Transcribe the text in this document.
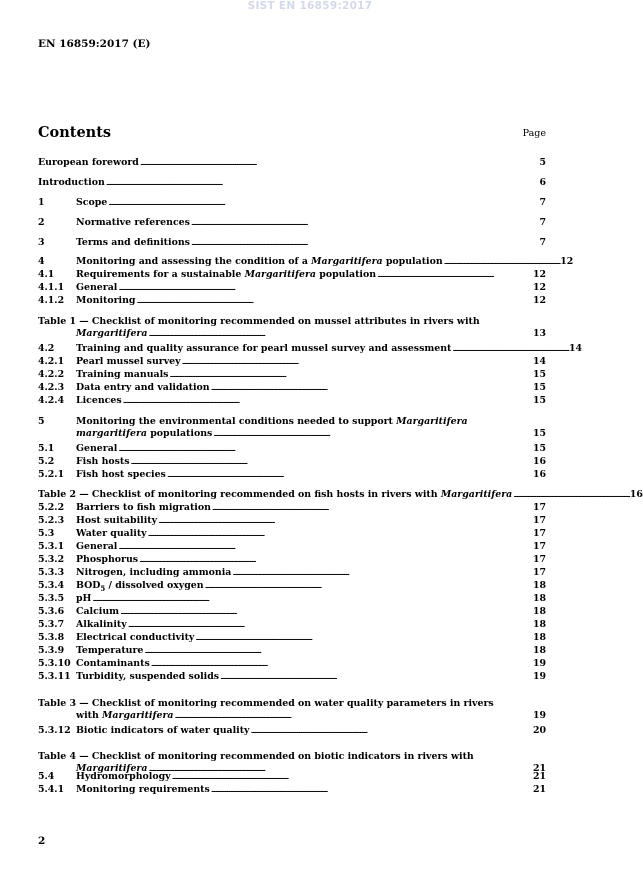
SIST EN 16859:2017
EN 16859:2017 (E)
Contents	Page
European foreword . . .	5
Introduction . . .	6
1	Scope . . .	7
2	Normative references . . .	7
3	Terms and definitions . . .	7
4	Monitoring and assessing the condition of a Margaritifera population . . .	12
4.1	Requirements for a sustainable Margaritifera population . . .	12
4.1.1	General . . .	12
4.1.2	Monitoring . . .	12
Table 1 — Checklist of monitoring recommended on mussel attributes in rivers with
Margaritifera . . .	13
4.2	Training and quality assurance for pearl mussel survey and assessment . . .	14
4.2.1	Pearl mussel survey . . .	14
4.2.2	Training manuals . . .	15
4.2.3	Data entry and validation . . .	15
4.2.4	Licences . . .	15
5	Monitoring the environmental conditions needed to support Margaritifera
margaritifera populations . . .	15
5.1	General . . .	15
5.2	Fish hosts . . .	16
5.2.1	Fish host species . . .	16
Table 2 — Checklist of monitoring recommended on fish hosts in rivers with Margaritifera . . .	16
5.2.2	Barriers to fish migration . . .	17
5.2.3	Host suitability . . .	17
5.3	Water quality . . .	17
5.3.1	General . . .	17
5.3.2	Phosphorus . . .	17
5.3.3	Nitrogen, including ammonia . . .	17
5.3.4	$BOD_5$ / dissolved oxygen . . .	18
5.3.5	pH . . .	18
5.3.6	Calcium . . .	18
5.3.7	Alkalinity . . .	18
5.3.8	Electrical conductivity . . .	18
5.3.9	Temperature . . .	18
5.3.10 Contaminants . . .	19
5.3.11 Turbidity, suspended solids . . .	19
Table 3 — Checklist of monitoring recommended on water quality parameters in rivers
with Margaritifera . . .	19
5.3.12 Biotic indicators of water quality . . .	20
Table 4 — Checklist of monitoring recommended on biotic indicators in rivers with
Margaritifera . . .	21
5.4	Hydromorphology . . .	21
5.4.1	Monitoring requirements . . .	21
2
